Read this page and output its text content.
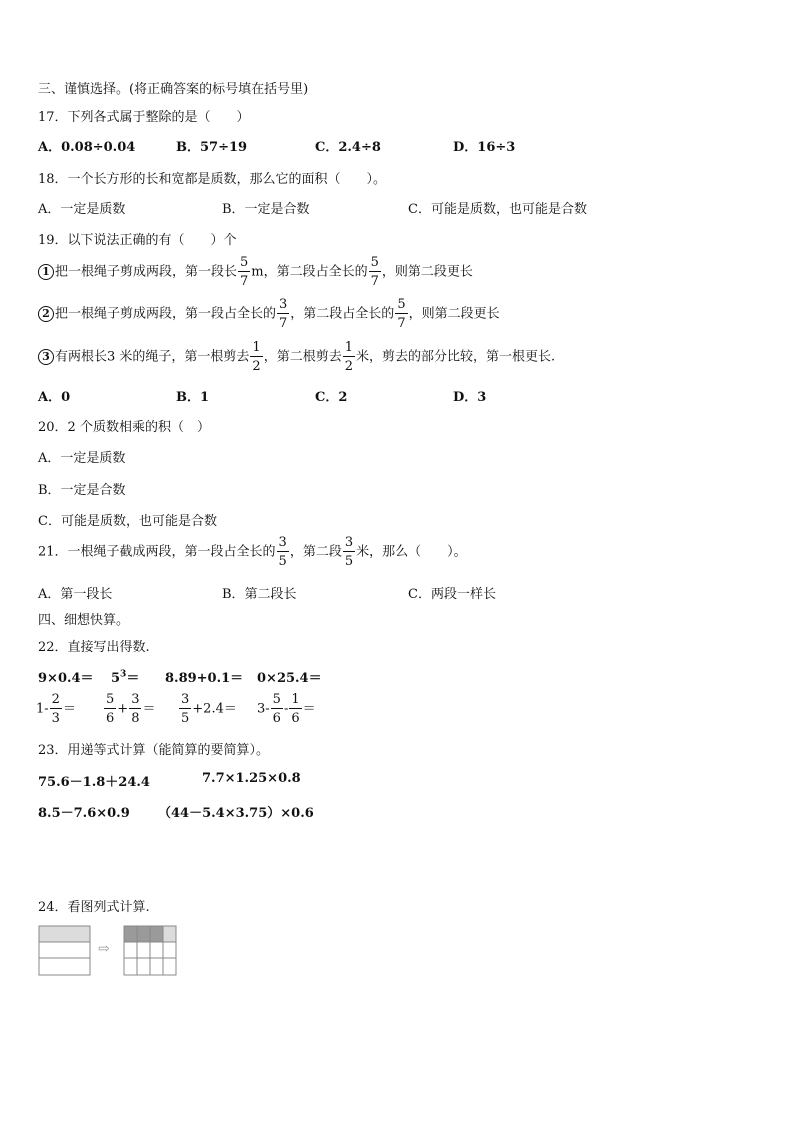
三、谨慎选择。(将正确答案的标号填在括号里)
17．下列各式属于整除的是（　　）
A．0.08÷0.04	B．57÷19	C．2.4÷8	D．16÷3
18．一个长方形的长和宽都是质数，那么它的面积（　　）。
A．一定是质数	B．一定是合数	C．可能是质数，也可能是合数
19．以下说法正确的有（　　）个
1 把一根绳子剪成两段，第一段长 $\frac{5}{7}$ m，第二段占全长的 $\frac{5}{7}$ ，则第二段更长
2 把一根绳子剪成两段，第一段占全长的 $\frac{3}{7}$ ，第二段占全长的 $\frac{5}{7}$ ，则第二段更长
3 有两根长3 米的绳子，第一根剪去 $\frac{1}{2}$ ，第二根剪去 $\frac{1}{2}$ 米，剪去的部分比较，第一根更长.
A．0	B．1	C．2	D．3
20．2 个质数相乘的积（　）
A．一定是质数
B．一定是合数
C．可能是质数，也可能是合数
21．一根绳子截成两段，第一段占全长的 $\frac{3}{5}$ ，第二段 $\frac{3}{5}$ 米，那么（　　）。
A．第一段长	B．第二段长	C．两段一样长
四、细想快算。
22．直接写出得数.
$9\times 0.4= 5^3= 8.89+0.1= 0\times 25.4=$
$1- \frac{2}{3} = \frac{5}{6} + \frac{3}{8} = \frac{3}{5} +2.4= 3- \frac{5}{6} - \frac{1}{6}$ ＝
23．用递等式计算（能简算的要简算）。
75.6－1.8＋24.4	7.7×1.25×0.8
8.5－7.6×0.9 （44－5.4×3.75）×0.6
24．看图列式计算.
⇨
